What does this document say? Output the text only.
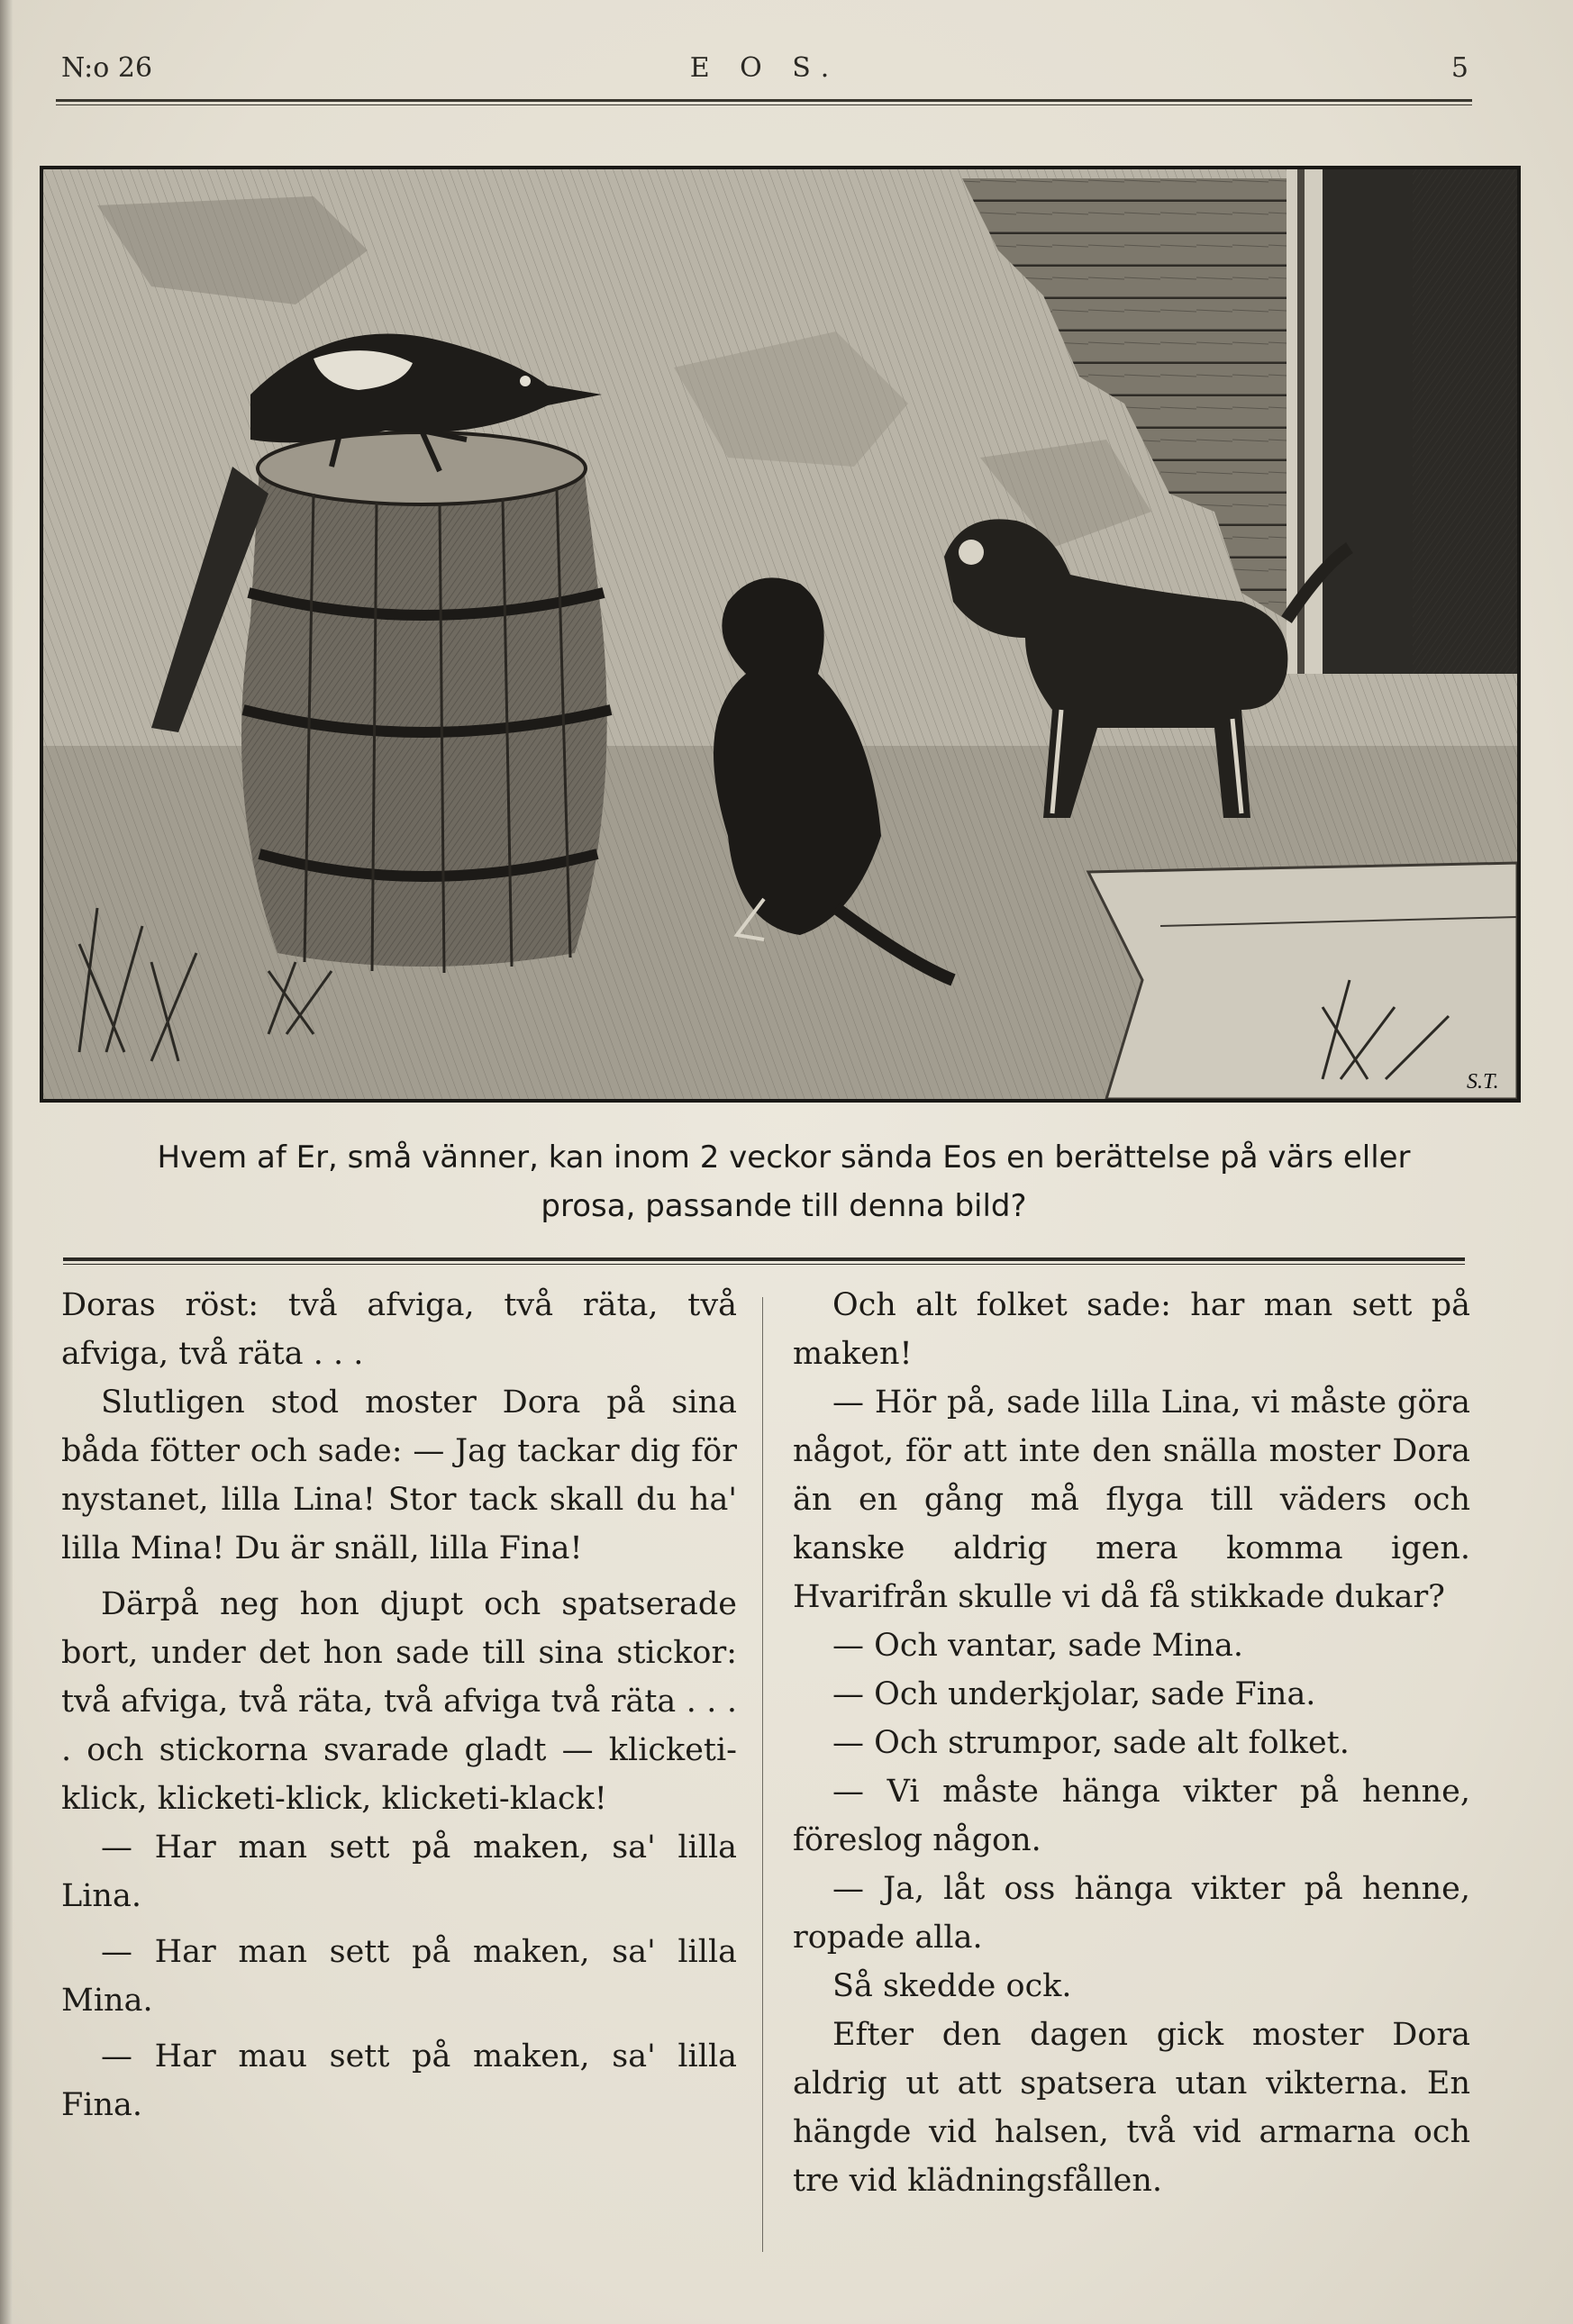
N:o 26	E O S.	5
S.T.
Hvem af Er, små vänner, kan inom 2 veckor sända Eos en berättelse på värs eller
prosa, passande till denna bild?

Doras röst: två afviga, två räta, två afviga, två räta . . .

Slutligen stod moster Dora på sina båda fötter och sade: — Jag tackar dig för nystanet, lilla Lina! Stor tack skall du ha' lilla Mina! Du är snäll, lilla Fina!

Därpå neg hon djupt och spatserade bort, under det hon sade till sina stickor: två afviga, två räta, två afviga två räta . . . . och stickorna svarade gladt — klicketi-klick, klicketi-klick, klicketi-klack!

— Har man sett på maken, sa' lilla Lina.

— Har man sett på maken, sa' lilla Mina.

— Har mau sett på maken, sa' lilla Fina.

Och alt folket sade: har man sett på maken!

— Hör på, sade lilla Lina, vi måste göra något, för att inte den snälla moster Dora än en gång må flyga till väders och kanske aldrig mera komma igen. Hvarifrån skulle vi då få stikkade dukar?

— Och vantar, sade Mina.

— Och underkjolar, sade Fina.

— Och strumpor, sade alt folket.

— Vi måste hänga vikter på henne, föreslog någon.

— Ja, låt oss hänga vikter på henne, ropade alla.

Så skedde ock.

Efter den dagen gick moster Dora aldrig ut att spatsera utan vikterna. En hängde vid halsen, två vid armarna och tre vid klädningsfållen.
